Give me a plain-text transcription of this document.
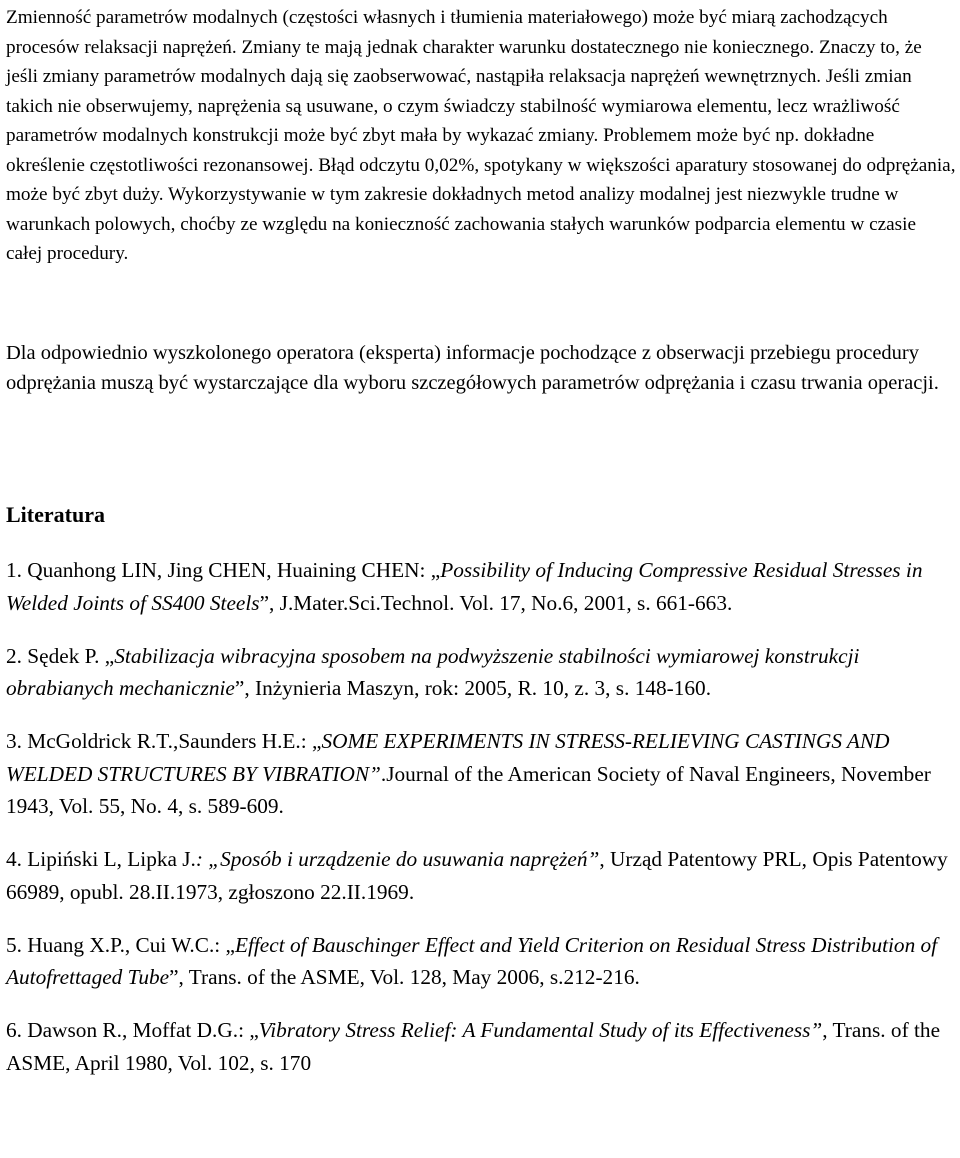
Zmienność parametrów modalnych (częstości własnych i tłumienia materiałowego) może być miarą zachodzących procesów relaksacji naprężeń. Zmiany te mają jednak charakter warunku dostatecznego nie koniecznego. Znaczy to, że jeśli zmiany parametrów modalnych dają się zaobserwować, nastąpiła relaksacja naprężeń wewnętrznych. Jeśli zmian takich nie obserwujemy, naprężenia są usuwane, o czym świadczy stabilność wymiarowa elementu, lecz wrażliwość parametrów modalnych konstrukcji może być zbyt mała by wykazać zmiany. Problemem może być np. dokładne określenie częstotliwości rezonansowej. Błąd odczytu 0,02%, spotykany w większości aparatury stosowanej do odprężania, może być zbyt duży. Wykorzystywanie w tym zakresie dokładnych metod analizy modalnej jest niezwykle trudne w warunkach polowych, choćby ze względu na konieczność zachowania stałych warunków podparcia elementu w czasie całej procedury.

Dla odpowiednio wyszkolonego operatora (eksperta) informacje pochodzące z obserwacji przebiegu procedury odprężania muszą być wystarczające dla wyboru szczegółowych parametrów odprężania i czasu trwania operacji.

Literatura
1. Quanhong LIN, Jing CHEN, Huaining CHEN: „Possibility of Inducing Compressive Residual Stresses in Welded Joints of SS400 Steels”, J.Mater.Sci.Technol. Vol. 17, No.6, 2001, s. 661-663.
2. Sędek P. „Stabilizacja wibracyjna sposobem na podwyższenie stabilności wymiarowej konstrukcji obrabianych mechanicznie”, Inżynieria Maszyn, rok: 2005, R. 10, z. 3, s. 148-160.
3. McGoldrick R.T.,Saunders H.E.: „SOME EXPERIMENTS IN STRESS-RELIEVING CASTINGS AND WELDED STRUCTURES BY VIBRATION”.Journal of the American Society of Naval Engineers, November 1943, Vol. 55, No. 4, s. 589-609.
4. Lipiński L, Lipka J.: „Sposób i urządzenie do usuwania naprężeń”, Urząd Patentowy PRL, Opis Patentowy 66989, opubl. 28.II.1973, zgłoszono 22.II.1969.
5. Huang X.P., Cui W.C.: „Effect of Bauschinger Effect and Yield Criterion on Residual Stress Distribution of Autofrettaged Tube”, Trans. of the ASME, Vol. 128, May 2006, s.212-216.
6. Dawson R., Moffat D.G.: „Vibratory Stress Relief: A Fundamental Study of its Effectiveness”, Trans. of the ASME, April 1980, Vol. 102, s. 170
